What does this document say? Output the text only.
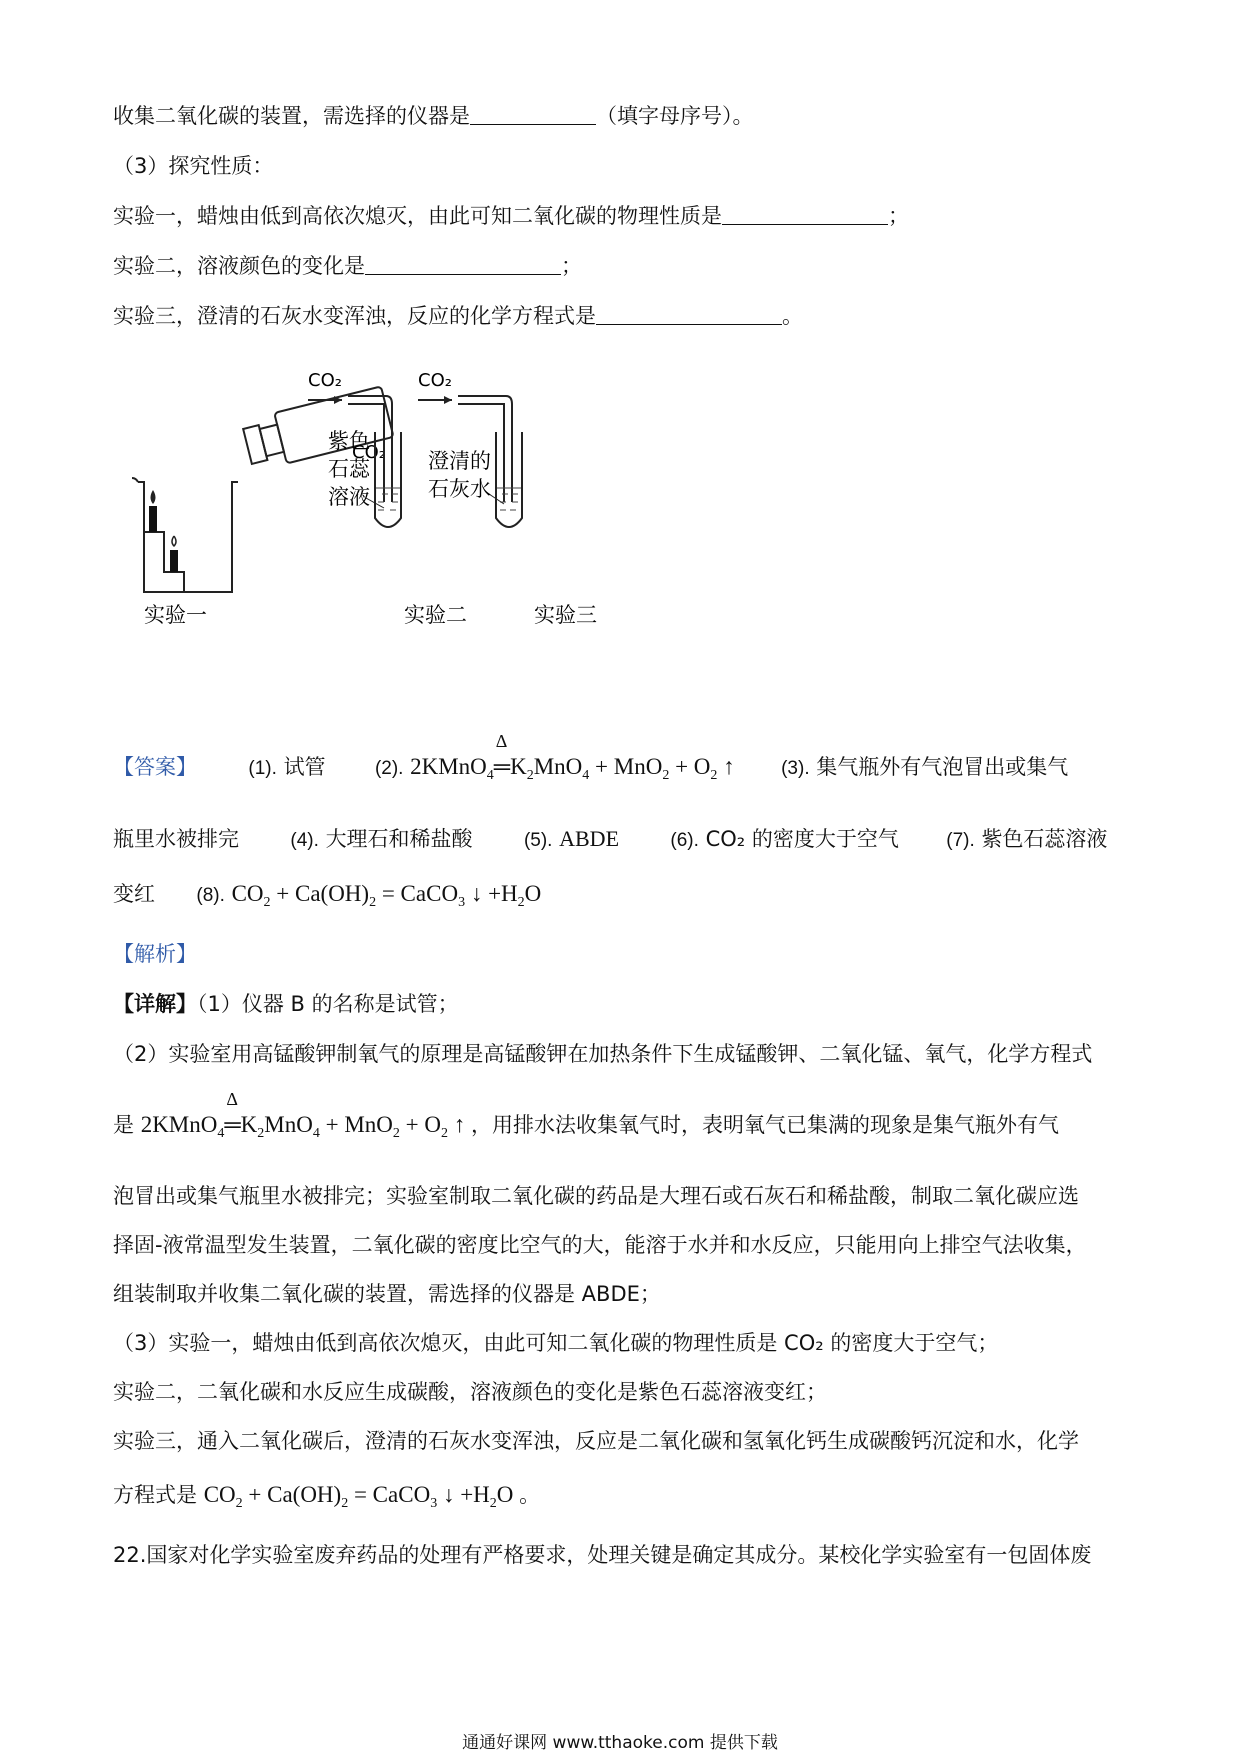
收集二氧化碳的装置，需选择的仪器是	（填字母序号）。
（3）探究性质：
实验一，蜡烛由低到高依次熄灭，由此可知二氧化碳的物理性质是	；
实验二，溶液颜色的变化是	；
实验三，澄清的石灰水变浑浊，反应的化学方程式是	。
CO₂
CO₂
紫色
石蕊
溶液
CO₂
澄清的
石灰水
实验一	实验二	实验三
【答案】	(1). 试管	(2). 2KMnO$_4$
Δ
$═K_2MnO_4 + MnO_2 + O_2$ ↑ (3). 集气瓶外有气泡冒出或集气
瓶里水被排完	(4). 大理石和稀盐酸	(5). ABDE	(6). CO₂ 的密度大于空气 (7). 紫色石蕊溶液
变红 (8). $CO_2 + Ca(OH)_2$ = CaCO$_3$ ↓ $+H_2O$
【解析】
【详解】（1）仪器 B 的名称是试管；
（2）实验室用高锰酸钾制氧气的原理是高锰酸钾在加热条件下生成锰酸钾、二氧化锰、氧气，化学方程式
是 2KMnO$_4$
Δ
$═K_2MnO_4 + MnO_2 + O_2$ ↑ ，用排水法收集氧气时，表明氧气已集满的现象是集气瓶外有气
泡冒出或集气瓶里水被排完；实验室制取二氧化碳的药品是大理石或石灰石和稀盐酸，制取二氧化碳应选
择固-液常温型发生装置，二氧化碳的密度比空气的大，能溶于水并和水反应，只能用向上排空气法收集，
组装制取并收集二氧化碳的装置，需选择的仪器是 ABDE；
（3）实验一，蜡烛由低到高依次熄灭，由此可知二氧化碳的物理性质是 CO₂ 的密度大于空气；
实验二，二氧化碳和水反应生成碳酸，溶液颜色的变化是紫色石蕊溶液变红；
实验三，通入二氧化碳后，澄清的石灰水变浑浊，反应是二氧化碳和氢氧化钙生成碳酸钙沉淀和水，化学
方程式是 $CO_2 + Ca(OH)_2$ = CaCO$_3$ ↓ $+H_2O$ 。
22.国家对化学实验室废弃药品的处理有严格要求，处理关键是确定其成分。某校化学实验室有一包固体废
通通好课网 www.tthaoke.com 提供下载
